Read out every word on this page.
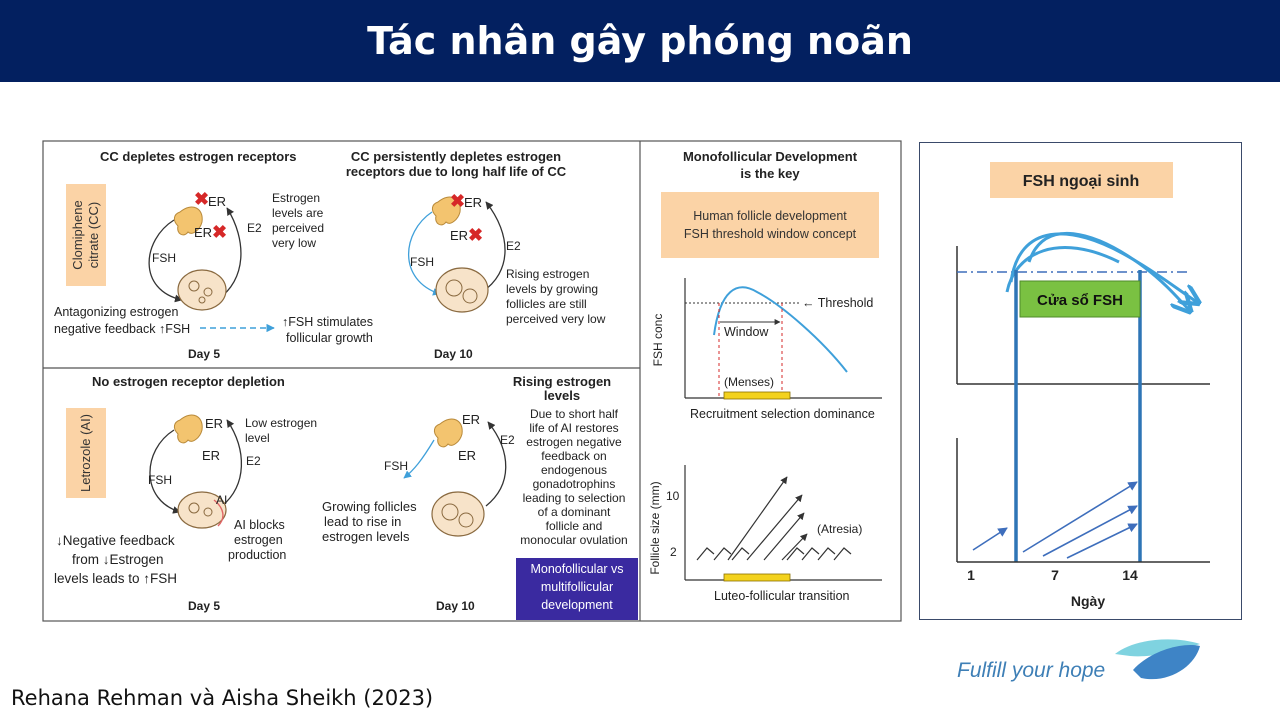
Tác nhân gây phóng noãn
Clomiphene citrate (CC)
CC depletes estrogen receptors
✖
ER
ER ✖ E2
FSH
Estrogen
levels are
perceived
very low
Antagonizing estrogen
negative feedback ↑FSH	↑FSH stimulates
follicular growth
Day 5
CC persistently depletes estrogen
receptors due to long half life of CC
✖
ER
ER ✖
E2
FSH
Rising estrogen
levels by growing
follicles are still
perceived very low
Day 10
Letrozole (AI)
No estrogen receptor depletion
ER
ER E2
FSH
AI
Low estrogen
level
AI blocks
estrogen
production
↓Negative feedback
from ↓Estrogen
levels leads to ↑FSH
Day 5
Rising estrogen
levels
ER
ER
E2
FSH
Growing follicles
lead to rise in
estrogen levels
Due to short half life of AI restores estrogen negative feedback on endogenous gonadotrophins leading to selection of a dominant follicle and monocular ovulation
Monofollicular vs
multifollicular
development
Day 10
Monofollicular Development
is the key
Human follicle development
FSH threshold window concept
FSH conc
← Threshold
Window
(Menses)
Recruitment selection dominance
Follicle size (mm) 10
2
(Atresia)
Luteo-follicular transition
FSH ngoại sinh
Cửa sổ FSH
1	7	14
Ngày
Rehana Rehman và Aisha Sheikh (2023)
Fulfill your hope
